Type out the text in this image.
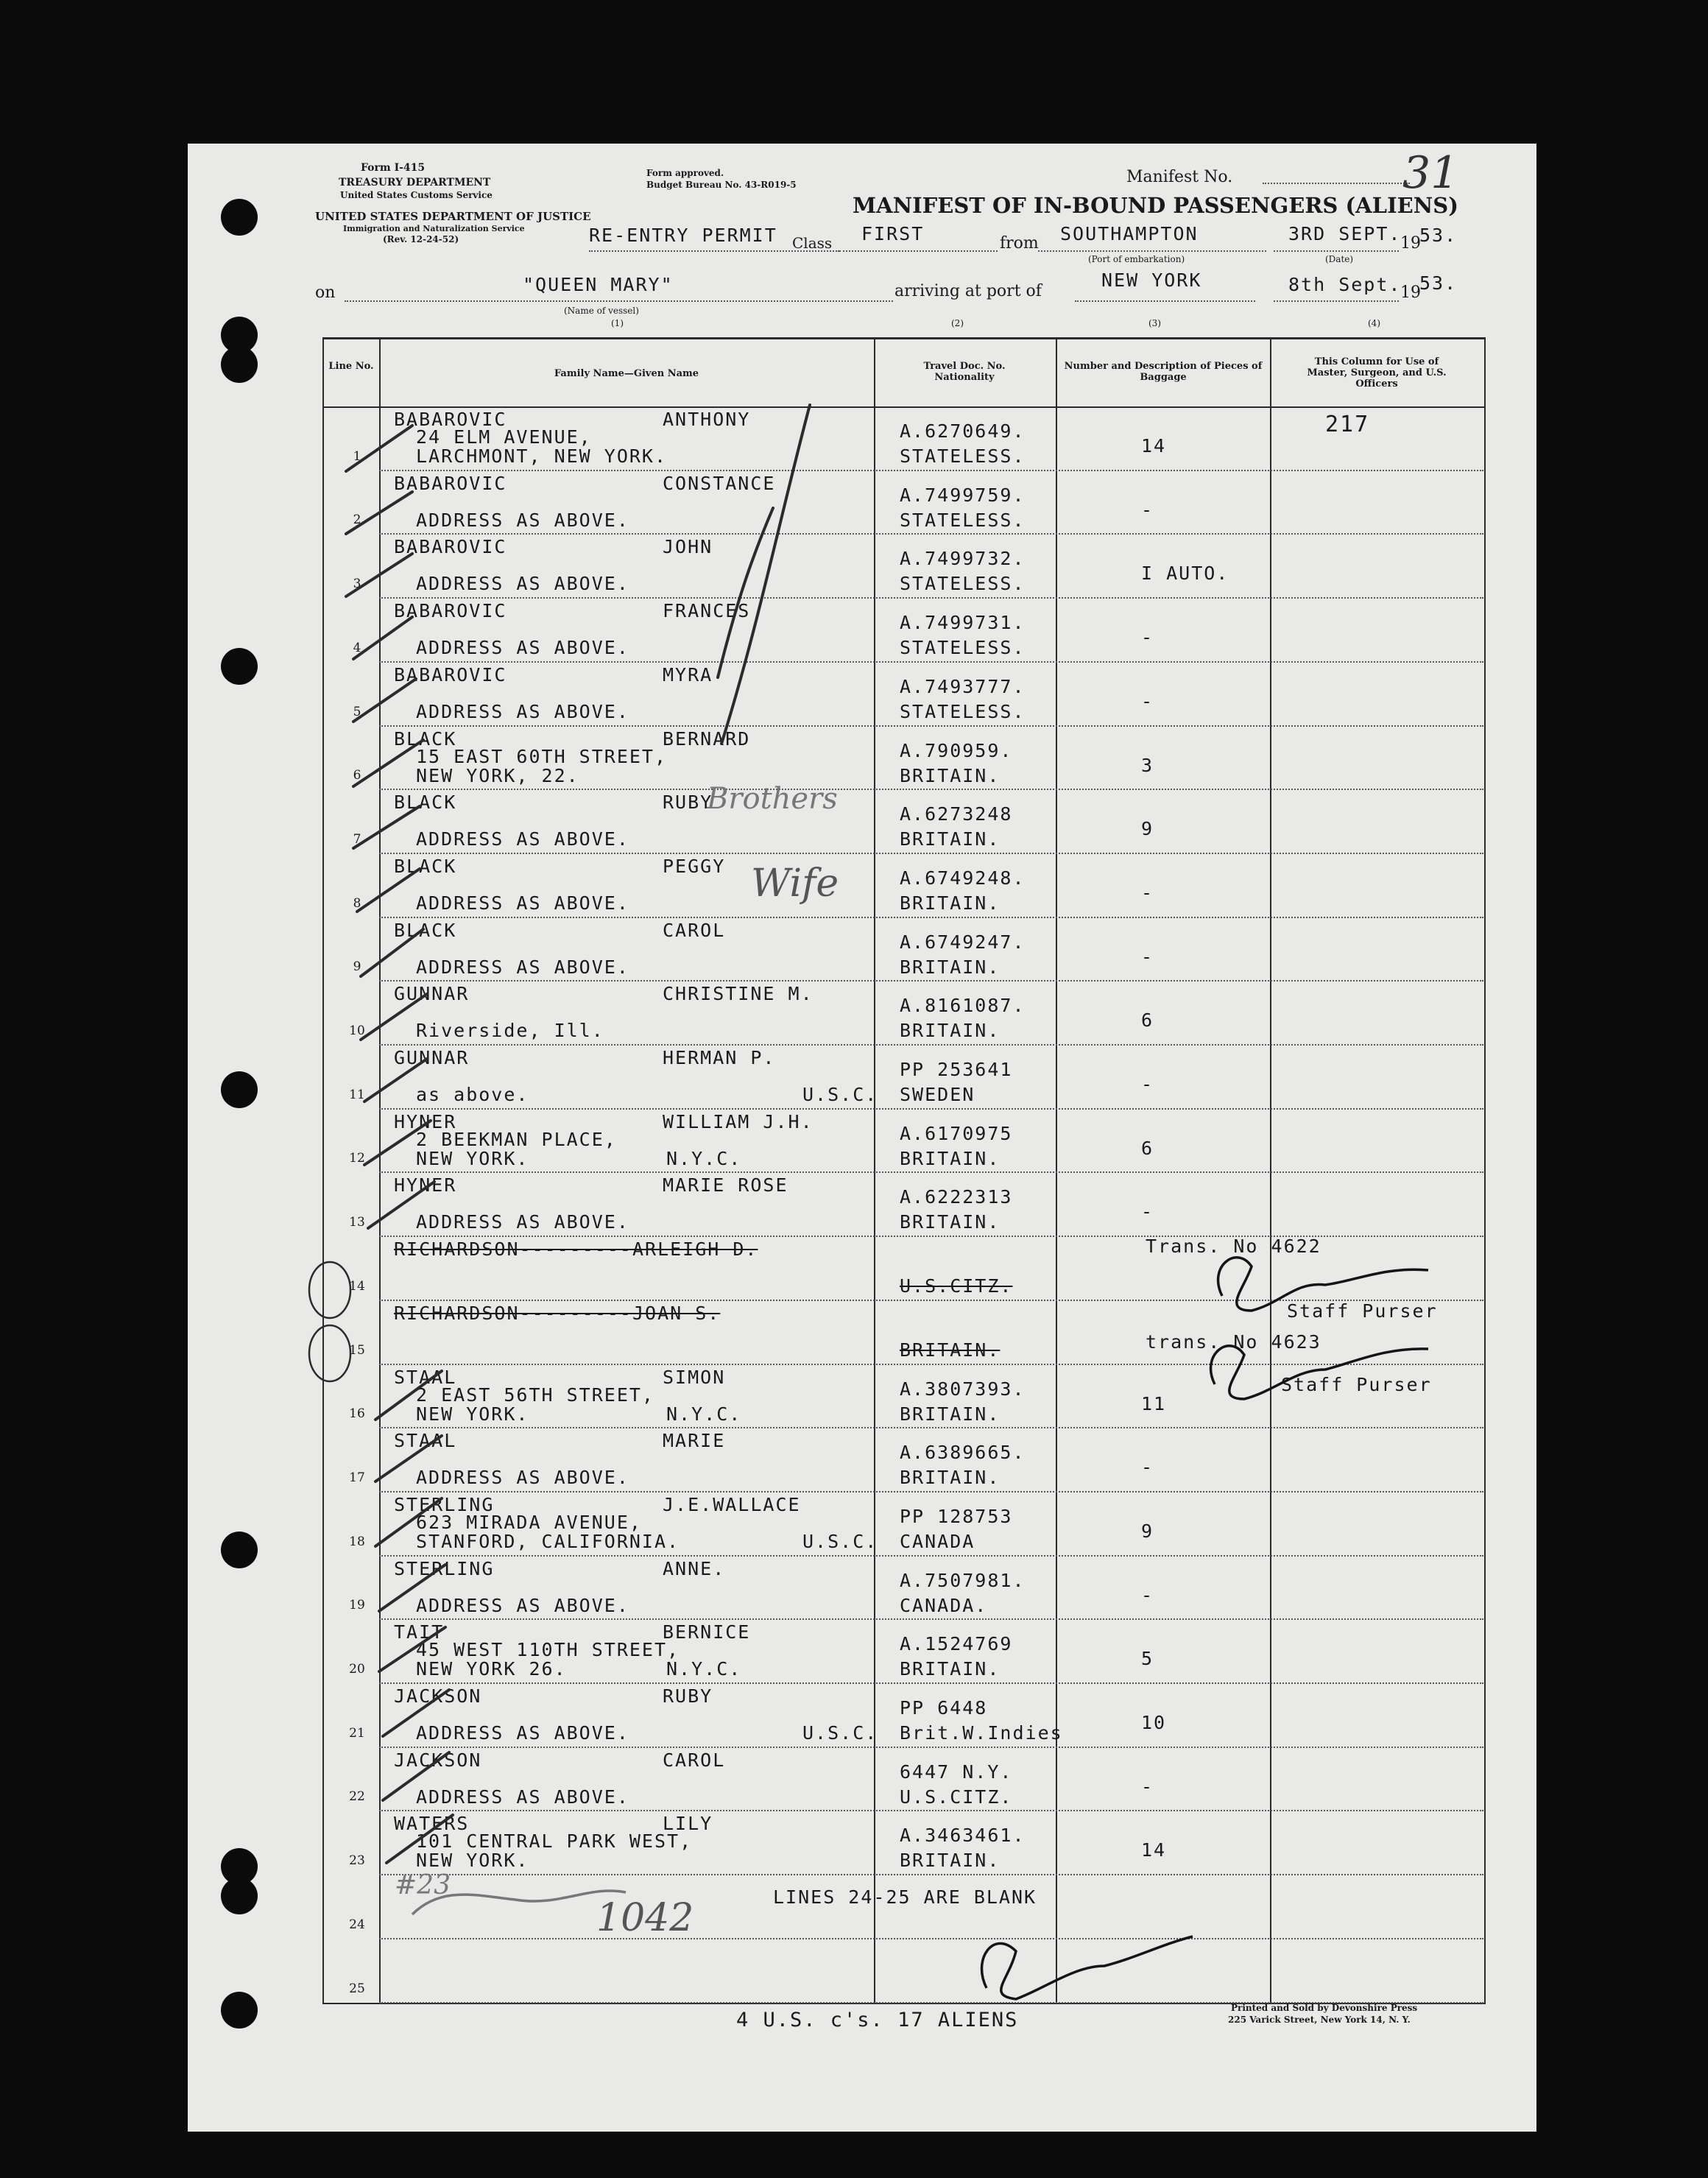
Form I-415
TREASURY DEPARTMENT
United States Customs Service
Form approved.
Budget Bureau No. 43-R019-5
UNITED STATES DEPARTMENT OF JUSTICE
Immigration and Naturalization Service
(Rev. 12-24-52)
Manifest No.	31
MANIFEST OF IN-BOUND PASSENGERS (ALIENS)
RE-ENTRY PERMIT Class FIRST	from SOUTHAMPTON
(Port of embarkation)
3RD SEPT.
(Date)
19
53.
on	"QUEEN MARY"
(Name of vessel)
(1)
arriving at port of
NEW YORK	8th Sept.
19
53.
(2)	(3)	(4)
Line No.
Family Name—Given Name
Travel Doc. No. Nationality
Number and Description of Pieces of Baggage
This Column for Use of Master, Surgeon, and U.S. Officers
1
BABAROVIC	ANTHONY
24 ELM AVENUE,
LARCHMONT, NEW YORK.
A.6270649.
STATELESS.	14
217
2
BABAROVIC	CONSTANCE
ADDRESS AS ABOVE.
A.7499759.
STATELESS.	-
3
BABAROVIC	JOHN
ADDRESS AS ABOVE.
A.7499732.
STATELESS.	I AUTO.
4
BABAROVIC	FRANCES
ADDRESS AS ABOVE.
A.7499731.
STATELESS.	-
5
BABAROVIC	MYRA
ADDRESS AS ABOVE.
A.7493777.
STATELESS.	-
6
BLACK	BERNARD
15 EAST 60TH STREET,
NEW YORK, 22.
A.790959.
BRITAIN.	3
7
BLACK	RUBY
ADDRESS AS ABOVE.
A.6273248
BRITAIN.	9
8
BLACK	PEGGY
ADDRESS AS ABOVE.
A.6749248.
BRITAIN.	-
9
BLACK	CAROL
ADDRESS AS ABOVE.
A.6749247.
BRITAIN.	-
10
GUNNAR	CHRISTINE M.
Riverside, Ill.
A.8161087.
BRITAIN.	6
11
GUNNAR	HERMAN P.
as above.	U.S.C.
PP 253641
SWEDEN	-
12
HYNER	WILLIAM J.H.
2 BEEKMAN PLACE,
NEW YORK.	N.Y.C.
A.6170975
BRITAIN.	6
13
HYNER	MARIE ROSE
ADDRESS AS ABOVE.
A.6222313
BRITAIN.	-
14
RICHARDSON---------ARLEIGH D.
U.S.CITZ.
15
RICHARDSON---------JOAN S.
BRITAIN.
16
STAAL	SIMON
2 EAST 56TH STREET,
NEW YORK.	N.Y.C.
A.3807393.
BRITAIN.	11
17
STAAL	MARIE
ADDRESS AS ABOVE.
A.6389665.
BRITAIN.	-
18
STERLING	J.E.WALLACE
623 MIRADA AVENUE,
STANFORD, CALIFORNIA.	U.S.C.
PP 128753
CANADA	9
19
STERLING	ANNE.
ADDRESS AS ABOVE.
A.7507981.
CANADA.	-
20
TAIT	BERNICE
45 WEST 110TH STREET,
NEW YORK 26.	N.Y.C.
A.1524769
BRITAIN.	5
21
JACKSON	RUBY
ADDRESS AS ABOVE.	U.S.C.
PP 6448
Brit.W.Indies	10
22
JACKSON	CAROL
ADDRESS AS ABOVE.
6447 N.Y.
U.S.CITZ.	-
23
WATERS	LILY
101 CENTRAL PARK WEST,
NEW YORK.
A.3463461.
BRITAIN.	14
24
25
Trans. No 4622
Staff Purser
trans. No 4623
Staff Purser
LINES 24-25 ARE BLANK
Brothers
Wife
#23
1042
4 U.S. c's. 17 ALIENS
Printed and Sold by Devonshire Press
225 Varick Street, New York 14, N. Y.
